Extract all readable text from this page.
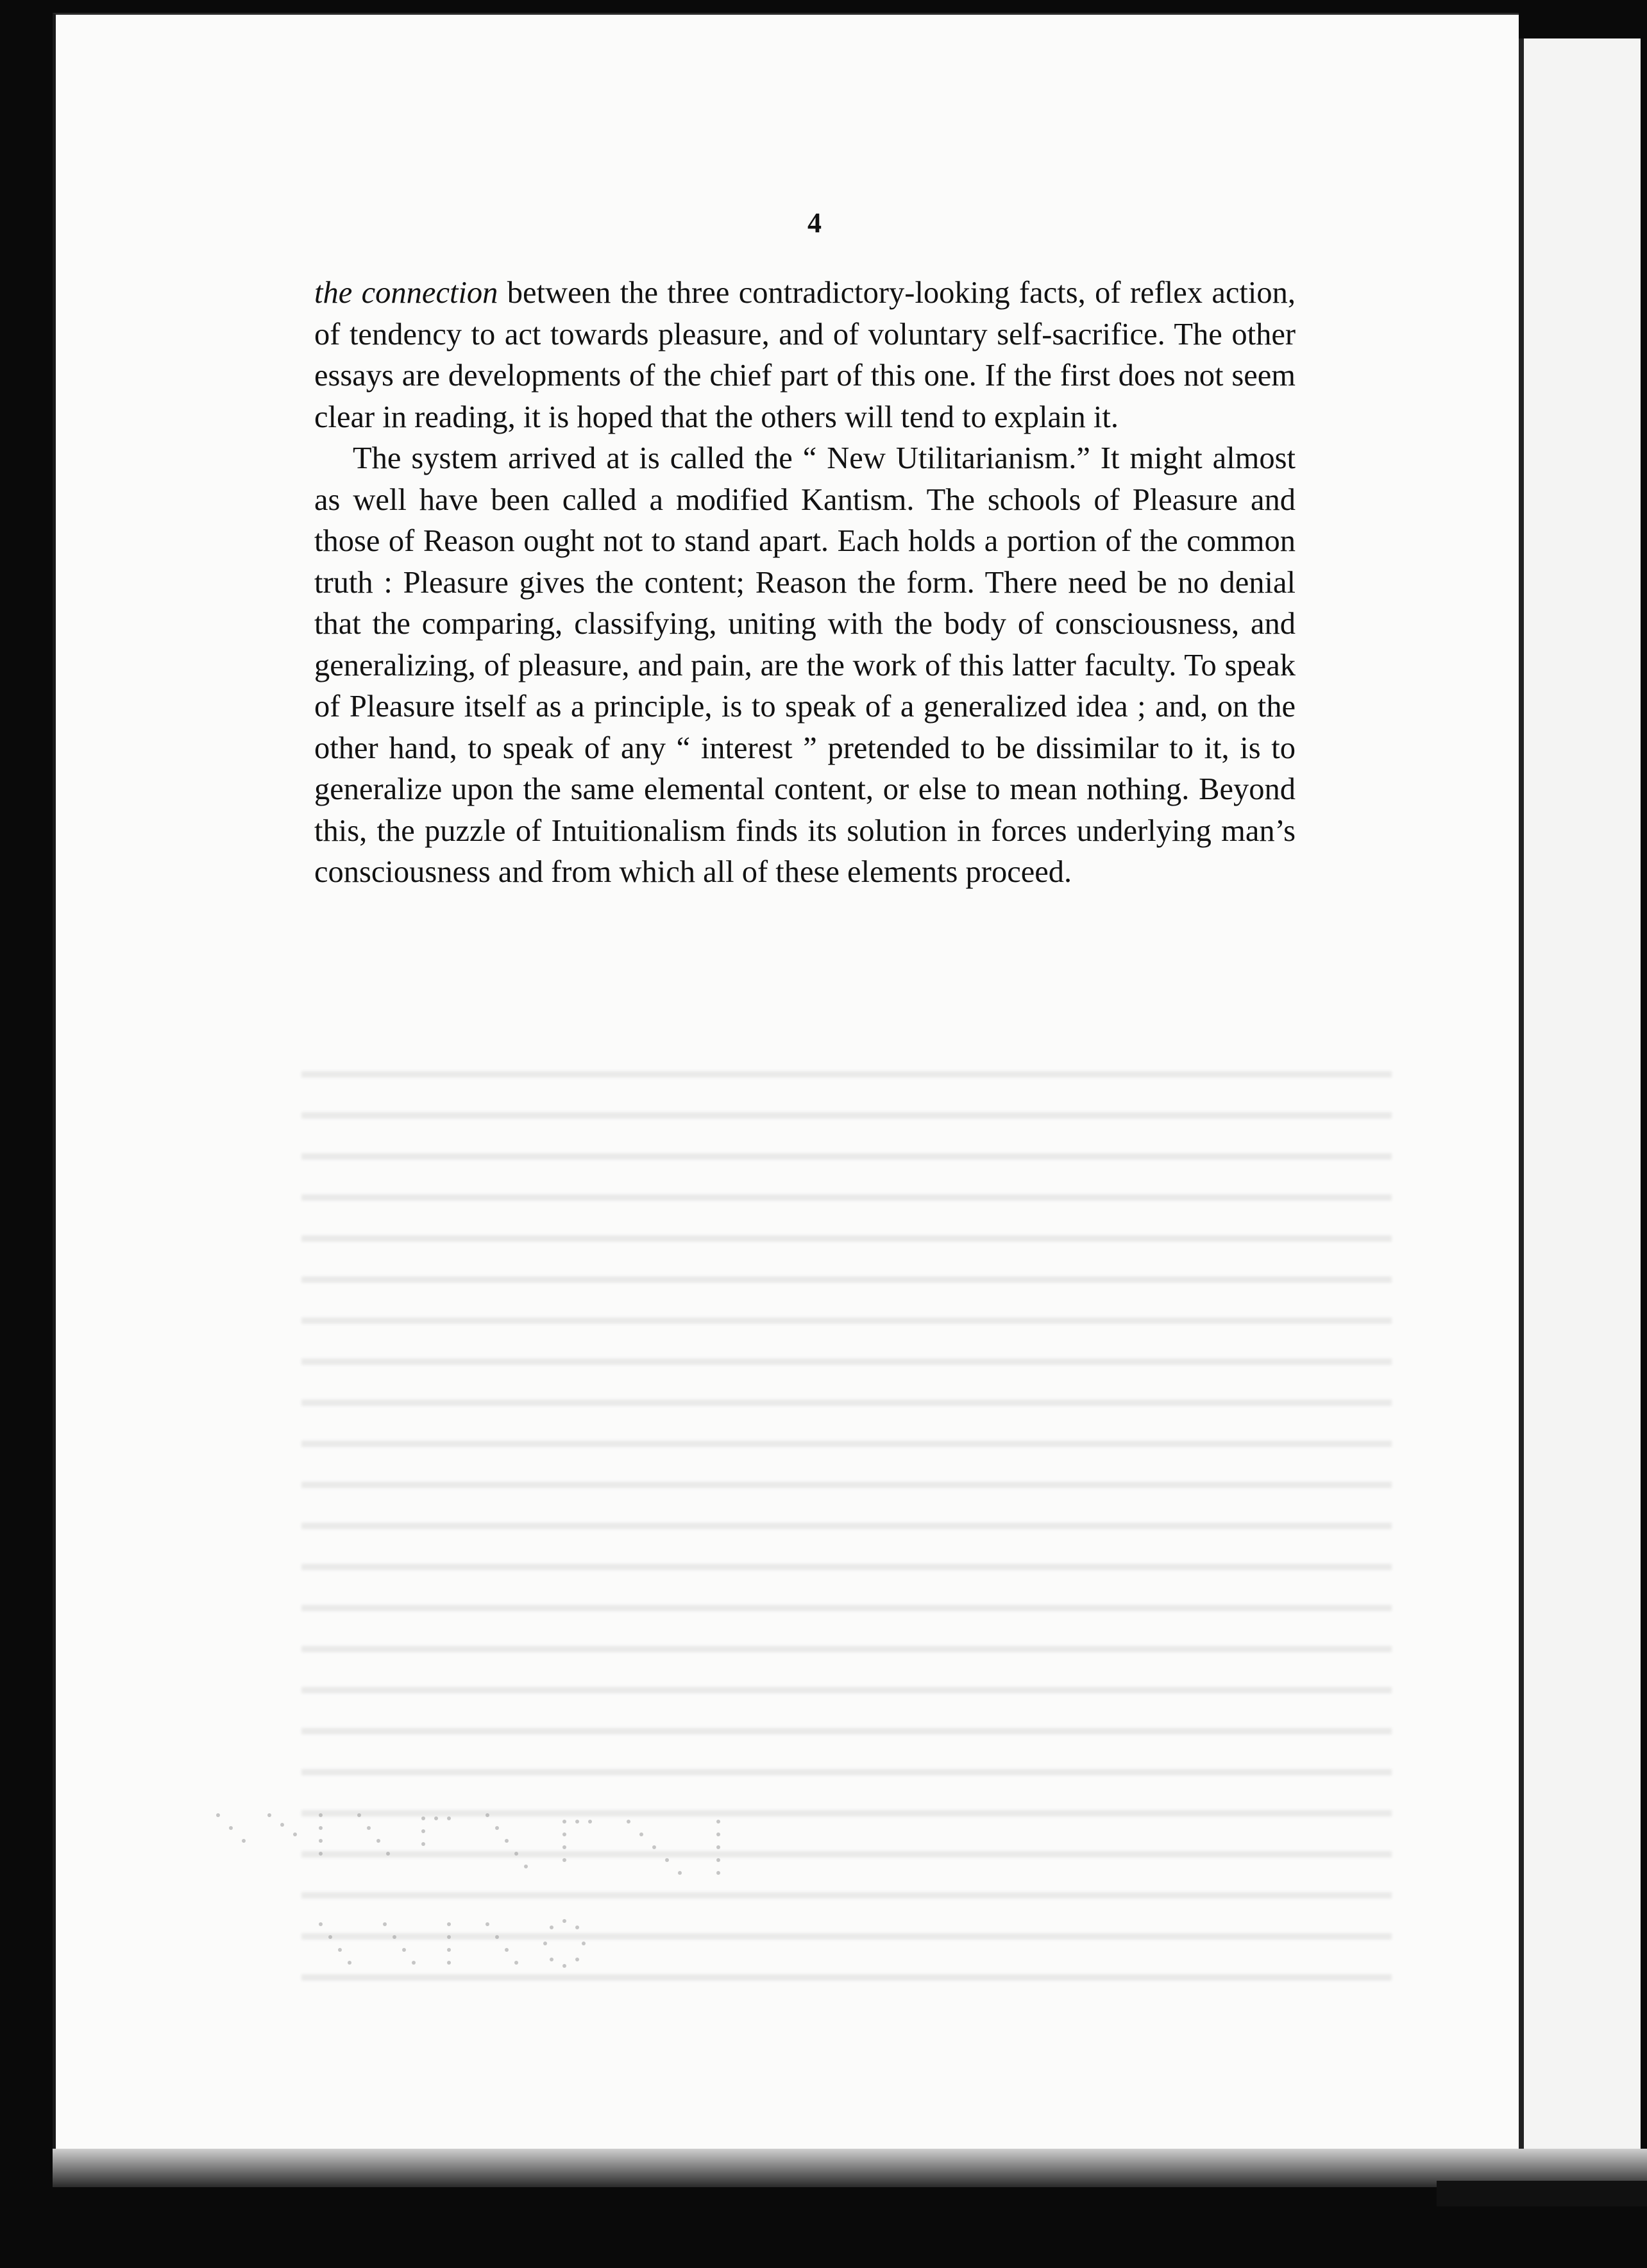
4

the connection between the three contradictory-looking facts, of reflex action, of tendency to act towards pleasure, and of voluntary self-sacrifice. The other essays are developments of the chief part of this one. If the first does not seem clear in reading, it is hoped that the others will tend to explain it.

The system arrived at is called the “ New Utilitarianism.” It might almost as well have been called a modified Kantism. The schools of Pleasure and those of Reason ought not to stand apart. Each holds a portion of the common truth : Pleasure gives the content; Reason the form. There need be no denial that the comparing, classifying, uniting with the body of consciousness, and generalizing, of pleasure, and pain, are the work of this latter faculty. To speak of Pleasure itself as a principle, is to speak of a generalized idea ; and, on the other hand, to speak of any “ interest ” pretended to be dissimilar to it, is to generalize upon the same elemental content, or else to mean nothing. Beyond this, the puzzle of Intuitionalism finds its solution in forces underlying man’s consciousness and from which all of these elements proceed.
